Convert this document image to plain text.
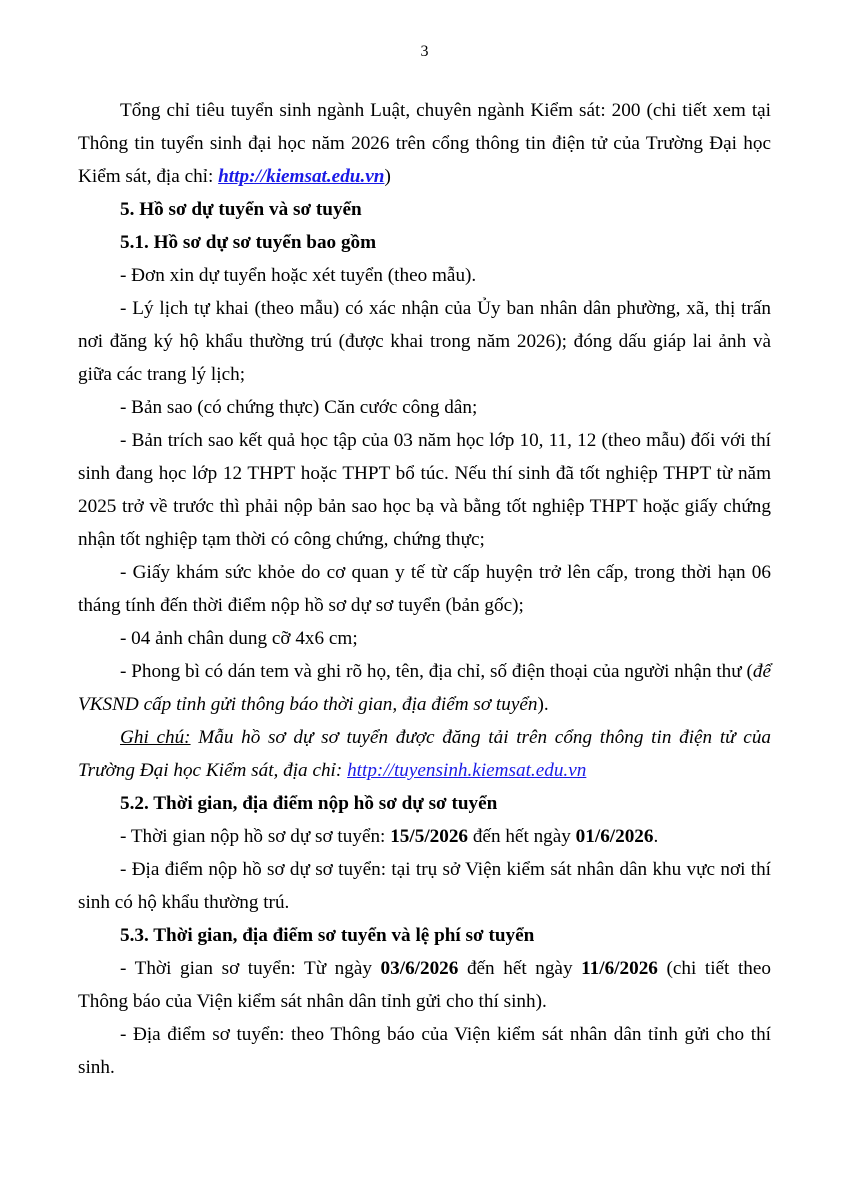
3

Tổng chỉ tiêu tuyển sinh ngành Luật, chuyên ngành Kiểm sát: 200 (chi tiết xem tại Thông tin tuyển sinh đại học năm 2026 trên cổng thông tin điện tử của Trường Đại học Kiểm sát, địa chỉ: http://kiemsat.edu.vn)

5. Hồ sơ dự tuyển và sơ tuyển

5.1. Hồ sơ dự sơ tuyển bao gồm

- Đơn xin dự tuyển hoặc xét tuyển (theo mẫu).

- Lý lịch tự khai (theo mẫu) có xác nhận của Ủy ban nhân dân phường, xã, thị trấn nơi đăng ký hộ khẩu thường trú (được khai trong năm 2026); đóng dấu giáp lai ảnh và giữa các trang lý lịch;

- Bản sao (có chứng thực) Căn cước công dân;

- Bản trích sao kết quả học tập của 03 năm học lớp 10, 11, 12 (theo mẫu) đối với thí sinh đang học lớp 12 THPT hoặc THPT bổ túc. Nếu thí sinh đã tốt nghiệp THPT từ năm 2025 trở về trước thì phải nộp bản sao học bạ và bằng tốt nghiệp THPT hoặc giấy chứng nhận tốt nghiệp tạm thời có công chứng, chứng thực;

- Giấy khám sức khỏe do cơ quan y tế từ cấp huyện trở lên cấp, trong thời hạn 06 tháng tính đến thời điểm nộp hồ sơ dự sơ tuyển (bản gốc);

- 04 ảnh chân dung cỡ 4x6 cm;

- Phong bì có dán tem và ghi rõ họ, tên, địa chỉ, số điện thoại của người nhận thư (để VKSND cấp tỉnh gửi thông báo thời gian, địa điểm sơ tuyển).

Ghi chú: Mẫu hồ sơ dự sơ tuyển được đăng tải trên cổng thông tin điện tử của Trường Đại học Kiểm sát, địa chỉ: http://tuyensinh.kiemsat.edu.vn

5.2. Thời gian, địa điểm nộp hồ sơ dự sơ tuyển

- Thời gian nộp hồ sơ dự sơ tuyển: 15/5/2026 đến hết ngày 01/6/2026.

- Địa điểm nộp hồ sơ dự sơ tuyển: tại trụ sở Viện kiểm sát nhân dân khu vực nơi thí sinh có hộ khẩu thường trú.

5.3. Thời gian, địa điểm sơ tuyển và lệ phí sơ tuyển

- Thời gian sơ tuyển: Từ ngày 03/6/2026 đến hết ngày 11/6/2026 (chi tiết theo Thông báo của Viện kiểm sát nhân dân tỉnh gửi cho thí sinh).

- Địa điểm sơ tuyển: theo Thông báo của Viện kiểm sát nhân dân tỉnh gửi cho thí sinh.
